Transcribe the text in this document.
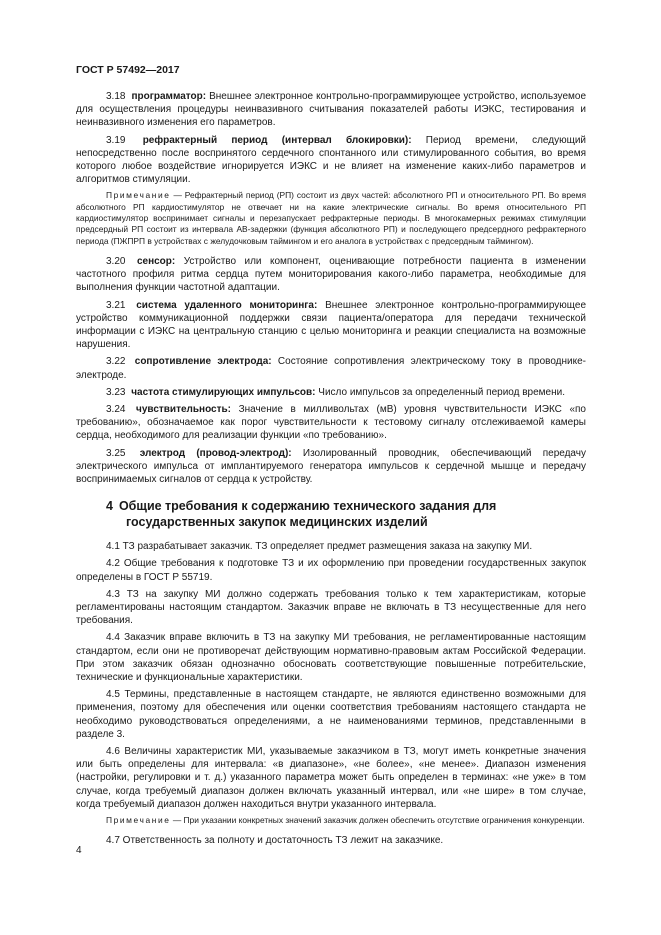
ГОСТ Р 57492—2017

3.18 программатор: Внешнее электронное контрольно-программирующее устройство, используемое для осуществления процедуры неинвазивного считывания показателей работы ИЭКС, тестирования и неинвазивного изменения его параметров.

3.19 рефрактерный период (интервал блокировки): Период времени, следующий непосредственно после воспринятого сердечного спонтанного или стимулированного события, во время которого любое воздействие игнорируется ИЭКС и не влияет на изменение каких-либо параметров и алгоритмов стимуляции.

Примечание — Рефрактерный период (РП) состоит из двух частей: абсолютного РП и относительного РП. Во время абсолютного РП кардиостимулятор не отвечает ни на какие электрические сигналы. Во время относительного РП кардиостимулятор воспринимает сигналы и перезапускает рефрактерные периоды. В многокамерных режимах стимуляции предсердный РП состоит из интервала АВ-задержки (функция абсолютного РП) и последующего предсердного рефрактерного периода (ПЖПРП в устройствах с желудочковым таймингом и его аналога в устройствах с предсердным таймингом).

3.20 сенсор: Устройство или компонент, оценивающие потребности пациента в изменении частотного профиля ритма сердца путем мониторирования какого-либо параметра, необходимые для выполнения функции частотной адаптации.

3.21 система удаленного мониторинга: Внешнее электронное контрольно-программирующее устройство коммуникационной поддержки связи пациента/оператора для передачи технической информации с ИЭКС на центральную станцию с целью мониторинга и реакции специалиста на возможные нарушения.

3.22 сопротивление электрода: Состояние сопротивления электрическому току в проводнике-электроде.

3.23 частота стимулирующих импульсов: Число импульсов за определенный период времени.

3.24 чувствительность: Значение в милливольтах (мВ) уровня чувствительности ИЭКС «по требованию», обозначаемое как порог чувствительности к тестовому сигналу отслеживаемой камеры сердца, необходимого для реализации функции «по требованию».

3.25 электрод (провод-электрод): Изолированный проводник, обеспечивающий передачу электрического импульса от имплантируемого генератора импульсов к сердечной мышце и передачу воспринимаемых сигналов от сердца к устройству.

4 Общие требования к содержанию технического задания для государственных закупок медицинских изделий

4.1 ТЗ разрабатывает заказчик. ТЗ определяет предмет размещения заказа на закупку МИ.

4.2 Общие требования к подготовке ТЗ и их оформлению при проведении государственных закупок определены в ГОСТ Р 55719.

4.3 ТЗ на закупку МИ должно содержать требования только к тем характеристикам, которые регламентированы настоящим стандартом. Заказчик вправе не включать в ТЗ несущественные для него требования.

4.4 Заказчик вправе включить в ТЗ на закупку МИ требования, не регламентированные настоящим стандартом, если они не противоречат действующим нормативно-правовым актам Российской Федерации. При этом заказчик обязан однозначно обосновать соответствующие повышенные потребительские, технические и функциональные характеристики.

4.5 Термины, представленные в настоящем стандарте, не являются единственно возможными для применения, поэтому для обеспечения или оценки соответствия требованиям настоящего стандарта не необходимо руководствоваться определениями, а не наименованиями терминов, представленными в разделе 3.

4.6 Величины характеристик МИ, указываемые заказчиком в ТЗ, могут иметь конкретные значения или быть определены для интервала: «в диапазоне», «не более», «не менее». Диапазон изменения (настройки, регулировки и т. д.) указанного параметра может быть определен в терминах: «не уже» в том случае, когда требуемый диапазон должен включать указанный интервал, или «не шире» в том случае, когда требуемый диапазон должен находиться внутри указанного интервала.

Примечание — При указании конкретных значений заказчик должен обеспечить отсутствие ограничения конкуренции.

4.7 Ответственность за полноту и достаточность ТЗ лежит на заказчике.

4
